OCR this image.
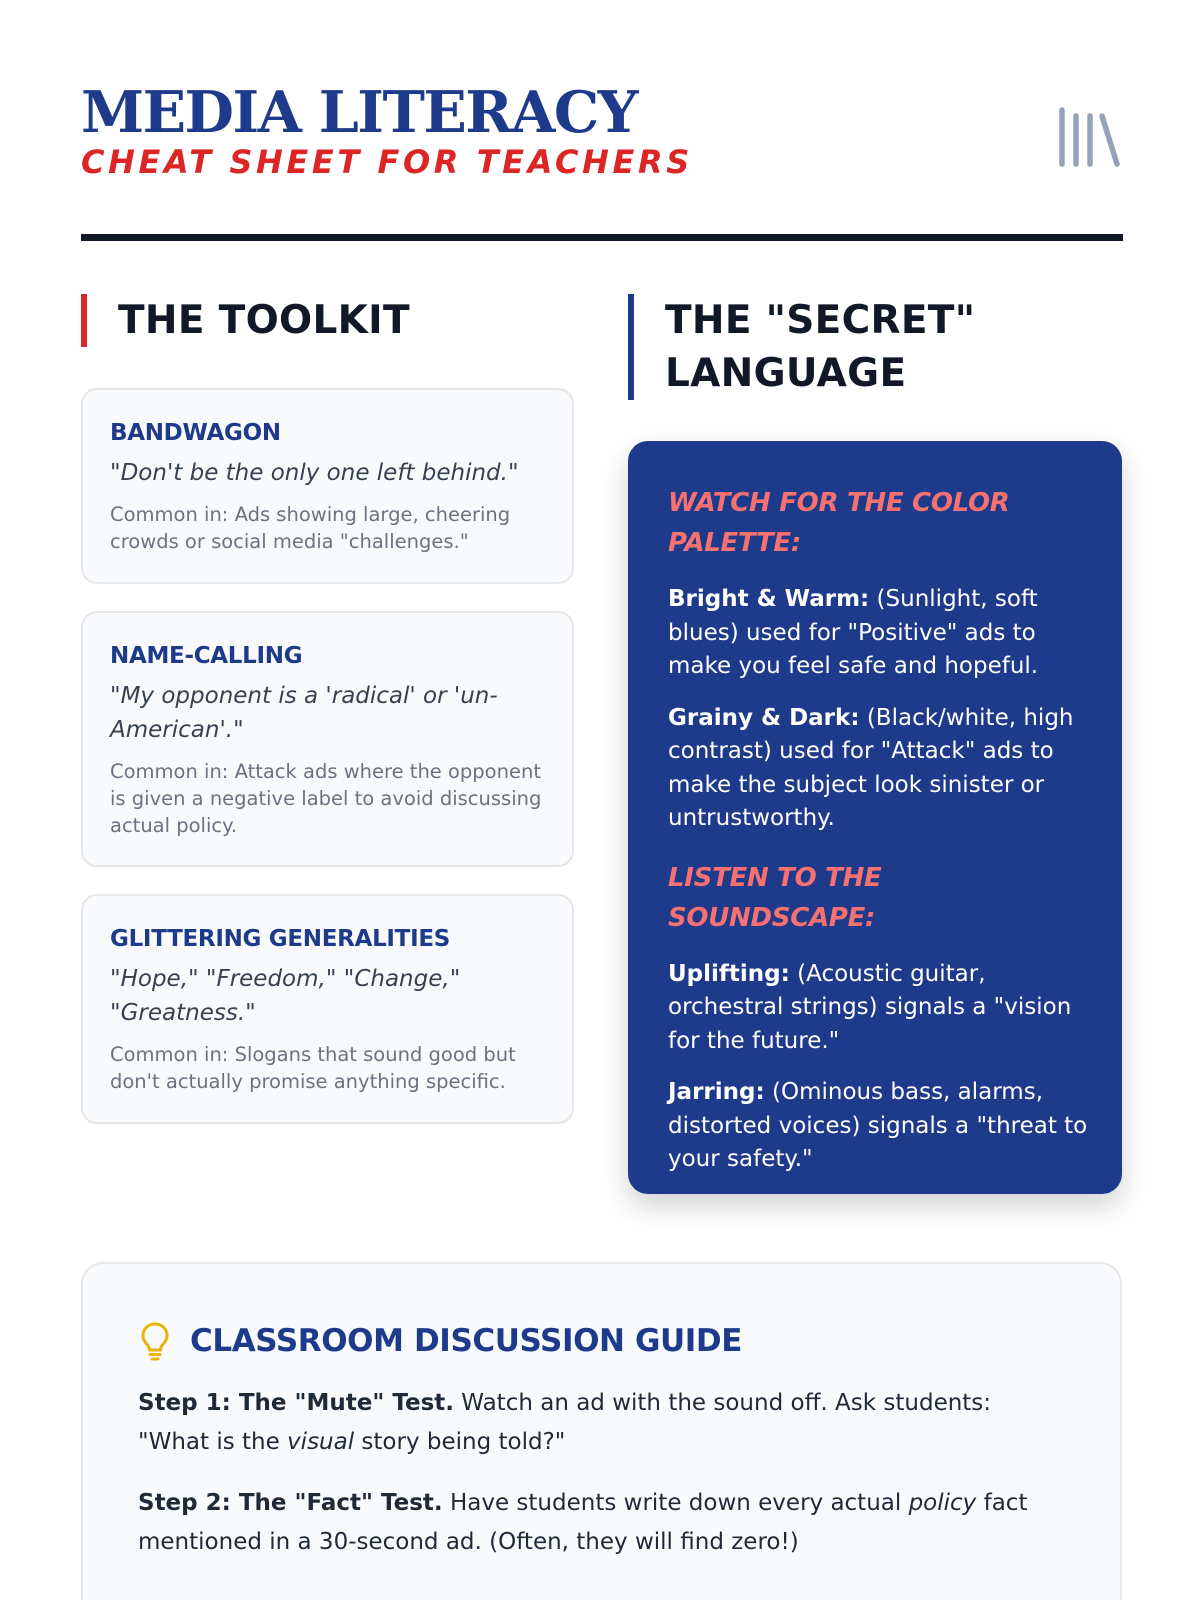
MEDIA LITERACY
CHEAT SHEET FOR TEACHERS
THE TOOLKIT
BANDWAGON
"Don't be the only one left behind."
Common in: Ads showing large, cheering crowds or social media "challenges."
NAME-CALLING
"My opponent is a 'radical' or 'un-American'."
Common in: Attack ads where the opponent is given a negative label to avoid discussing actual policy.
GLITTERING GENERALITIES
"Hope," "Freedom," "Change," "Greatness."
Common in: Slogans that sound good but don't actually promise anything specific.
THE "SECRET" LANGUAGE
WATCH FOR THE COLOR PALETTE:
Bright & Warm: (Sunlight, soft blues) used for "Positive" ads to make you feel safe and hopeful.
Grainy & Dark: (Black/white, high contrast) used for "Attack" ads to make the subject look sinister or untrustworthy.
LISTEN TO THE SOUNDSCAPE:
Uplifting: (Acoustic guitar, orchestral strings) signals a "vision for the future."
Jarring: (Ominous bass, alarms, distorted voices) signals a "threat to your safety."
CLASSROOM DISCUSSION GUIDE
Step 1: The "Mute" Test. Watch an ad with the sound off. Ask students: "What is the visual story being told?"
Step 2: The "Fact" Test. Have students write down every actual policy fact mentioned in a 30-second ad. (Often, they will find zero!)
